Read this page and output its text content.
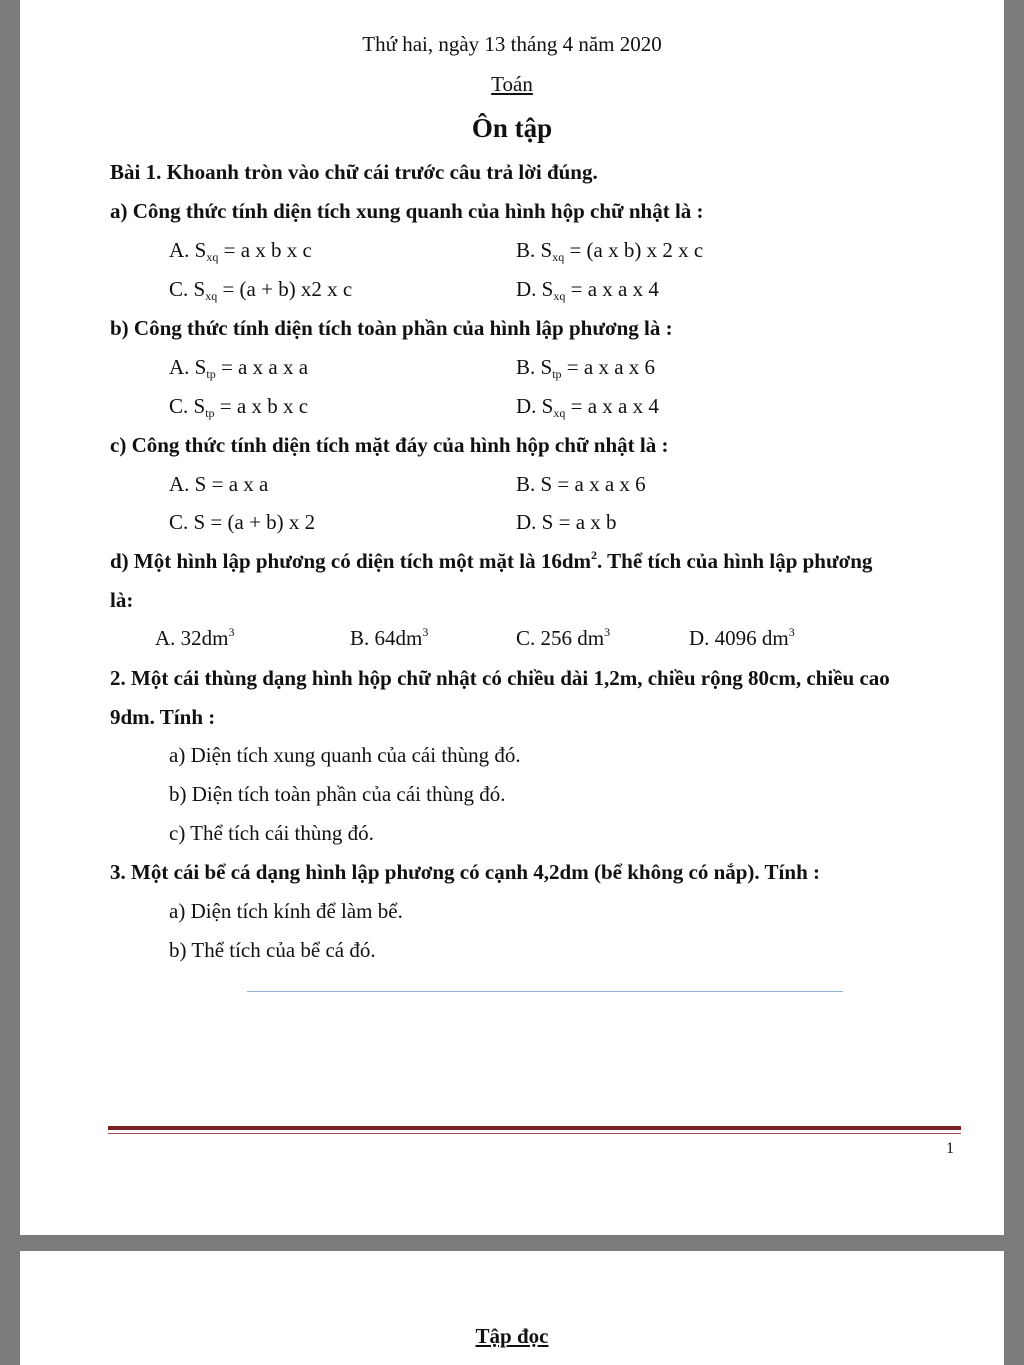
Thứ hai, ngày 13 tháng 4 năm 2020
Toán
Ôn tập
Bài 1. Khoanh tròn vào chữ cái trước câu trả lời đúng.
a) Công thức tính diện tích xung quanh của hình hộp chữ nhật là :
A. $S_{xq} = a$ x b x c	B. $S_{xq} = (a$ x b) x 2 x c
C. $S_{xq} = (a + b)$ x2 x c	D. $S_{xq} = a$ x a x 4
b) Công thức tính diện tích toàn phần của hình lập phương là :
A. $S_{tp} = a$ x a x a	B. $S_{tp} = a$ x a x 6
C. $S_{tp} = a$ x b x c	D. $S_{xq} = a$ x a x 4
c) Công thức tính diện tích mặt đáy của hình hộp chữ nhật là :
A. S = a x a	B. S = a x a x 6
C. S = (a + b) x 2	D. S = a x b
d) Một hình lập phương có diện tích một mặt là $16dm^2$. Thể tích của hình lập phương
là:
A. $32dm^3$	B. $64dm^3$	C. 256 $dm^3$	D. 4096 $dm^3$
2. Một cái thùng dạng hình hộp chữ nhật có chiều dài 1,2m, chiều rộng 80cm, chiều cao
9dm. Tính :
a) Diện tích xung quanh của cái thùng đó.
b) Diện tích toàn phần của cái thùng đó.
c) Thể tích cái thùng đó.
3. Một cái bể cá dạng hình lập phương có cạnh 4,2dm (bể không có nắp). Tính :
a) Diện tích kính để làm bể.
b) Thể tích của bể cá đó.
1
Tập đọc
